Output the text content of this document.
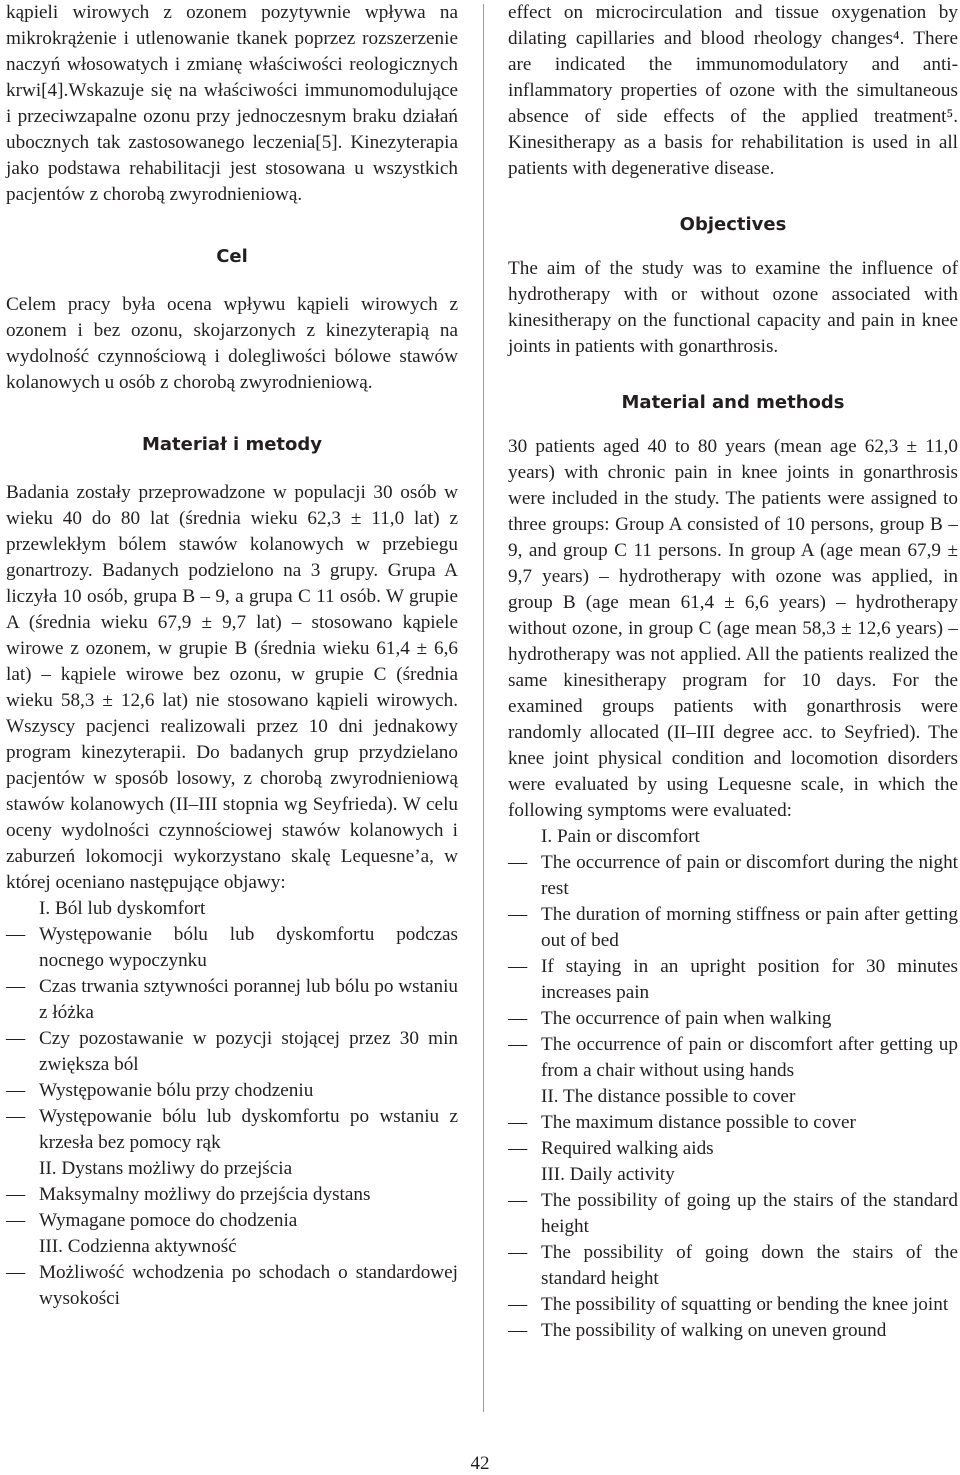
kąpieli wirowych z ozonem pozytywnie wpływa na mikrokrążenie i utlenowanie tkanek poprzez rozszerzenie naczyń włosowatych i zmianę właściwości reologicznych krwi[4].Wskazuje się na właściwości immunomodulujące i przeciwzapalne ozonu przy jednoczesnym braku działań ubocznych tak zastosowanego leczenia[5]. Kinezyterapia jako podstawa rehabilitacji jest stosowana u wszystkich pacjentów z chorobą zwyrodnieniową.

Cel

Celem pracy była ocena wpływu kąpieli wirowych z ozonem i bez ozonu, skojarzonych z kinezyterapią na wydolność czynnościową i dolegliwości bólowe stawów kolanowych u osób z chorobą zwyrodnieniową.

Materiał i metody

Badania zostały przeprowadzone w populacji 30 osób w wieku 40 do 80 lat (średnia wieku 62,3 ± 11,0 lat) z przewlekłym bólem stawów kolanowych w przebiegu gonartrozy. Badanych podzielono na 3 grupy. Grupa A liczyła 10 osób, grupa B – 9, a grupa C 11 osób. W grupie A (średnia wieku 67,9 ± 9,7 lat) – stosowano kąpiele wirowe z ozonem, w grupie B (średnia wieku 61,4 ± 6,6 lat) – kąpiele wirowe bez ozonu, w grupie C (średnia wieku 58,3 ± 12,6 lat) nie stosowano kąpieli wirowych. Wszyscy pacjenci realizowali przez 10 dni jednakowy program kinezyterapii. Do badanych grup przydzielano pacjentów w sposób losowy, z chorobą zwyrodnieniową stawów kolanowych (II–III stopnia wg Seyfrieda). W celu oceny wydolności czynnościowej stawów kolanowych i zaburzeń lokomocji wykorzystano skalę Lequesne’a, w której oceniano następujące objawy:

I. Ból lub dyskomfort
— Występowanie bólu lub dyskomfortu podczas nocnego wypoczynku
— Czas trwania sztywności porannej lub bólu po wstaniu z łóżka
— Czy pozostawanie w pozycji stojącej przez 30 min zwiększa ból
— Występowanie bólu przy chodzeniu
— Występowanie bólu lub dyskomfortu po wstaniu z krzesła bez pomocy rąk
II. Dystans możliwy do przejścia
— Maksymalny możliwy do przejścia dystans
— Wymagane pomoce do chodzenia
III. Codzienna aktywność
— Możliwość wchodzenia po schodach o standardowej wysokości

effect on microcirculation and tissue oxygenation by dilating capillaries and blood rheology changes⁴. There are indicated the immunomodulatory and anti-inflammatory properties of ozone with the simultaneous absence of side effects of the applied treatment⁵. Kinesitherapy as a basis for rehabilitation is used in all patients with degenerative disease.

Objectives

The aim of the study was to examine the influence of hydrotherapy with or without ozone associated with kinesitherapy on the functional capacity and pain in knee joints in patients with gonarthrosis.

Material and methods

30 patients aged 40 to 80 years (mean age 62,3 ± 11,0 years) with chronic pain in knee joints in gonarthrosis were included in the study. The patients were assigned to three groups: Group A consisted of 10 persons, group B – 9, and group C 11 persons. In group A (age mean 67,9 ± 9,7 years) – hydrotherapy with ozone was applied, in group B (age mean 61,4 ± 6,6 years) – hydrotherapy without ozone, in group C (age mean 58,3 ± 12,6 years) – hydrotherapy was not applied. All the patients realized the same kinesitherapy program for 10 days. For the examined groups patients with gonarthrosis were randomly allocated (II–III degree acc. to Seyfried). The knee joint physical condition and locomotion disorders were evaluated by using Lequesne scale, in which the following symptoms were evaluated:

I. Pain or discomfort
— The occurrence of pain or discomfort during the night rest
— The duration of morning stiffness or pain after getting out of bed
— If staying in an upright position for 30 minutes increases pain
— The occurrence of pain when walking
— The occurrence of pain or discomfort after getting up from a chair without using hands
II. The distance possible to cover
— The maximum distance possible to cover
— Required walking aids
III. Daily activity
— The possibility of going up the stairs of the standard height
— The possibility of going down the stairs of the standard height
— The possibility of squatting or bending the knee joint
— The possibility of walking on uneven ground
42
